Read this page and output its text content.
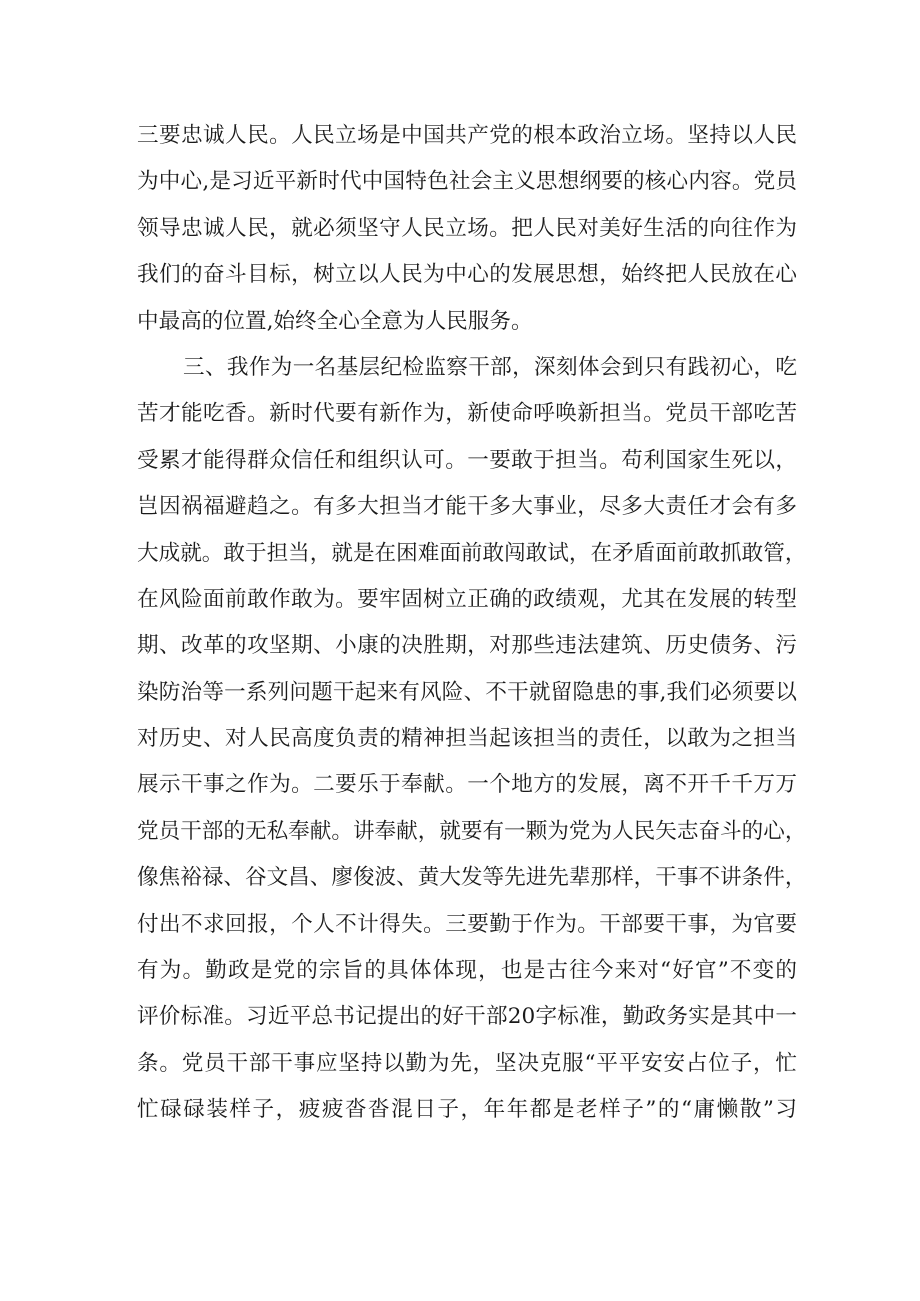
三要忠诚人民。人民立场是中国共产党的根本政治立场。坚持以人民
为中心,是习近平新时代中国特色社会主义思想纲要的核心内容。党员
领导忠诚人民，就必须坚守人民立场。把人民对美好生活的向往作为
我们的奋斗目标，树立以人民为中心的发展思想，始终把人民放在心
中最高的位置,始终全心全意为人民服务。
三、我作为一名基层纪检监察干部，深刻体会到只有践初心，吃
苦才能吃香。新时代要有新作为，新使命呼唤新担当。党员干部吃苦
受累才能得群众信任和组织认可。一要敢于担当。苟利国家生死以，
岂因祸福避趋之。有多大担当才能干多大事业，尽多大责任才会有多
大成就。敢于担当，就是在困难面前敢闯敢试，在矛盾面前敢抓敢管，
在风险面前敢作敢为。要牢固树立正确的政绩观，尤其在发展的转型
期、改革的攻坚期、小康的决胜期，对那些违法建筑、历史债务、污
染防治等一系列问题干起来有风险、不干就留隐患的事,我们必须要以
对历史、对人民高度负责的精神担当起该担当的责任，以敢为之担当
展示干事之作为。二要乐于奉献。一个地方的发展，离不开千千万万
党员干部的无私奉献。讲奉献，就要有一颗为党为人民矢志奋斗的心，
像焦裕禄、谷文昌、廖俊波、黄大发等先进先辈那样，干事不讲条件，
付出不求回报，个人不计得失。三要勤于作为。干部要干事，为官要
有为。勤政是党的宗旨的具体体现，也是古往今来对“好官”不变的
评价标准。习近平总书记提出的好干部20字标准，勤政务实是其中一
条。党员干部干事应坚持以勤为先，坚决克服“平平安安占位子，忙
忙碌碌装样子，疲疲沓沓混日子，年年都是老样子”的“庸懒散”习
